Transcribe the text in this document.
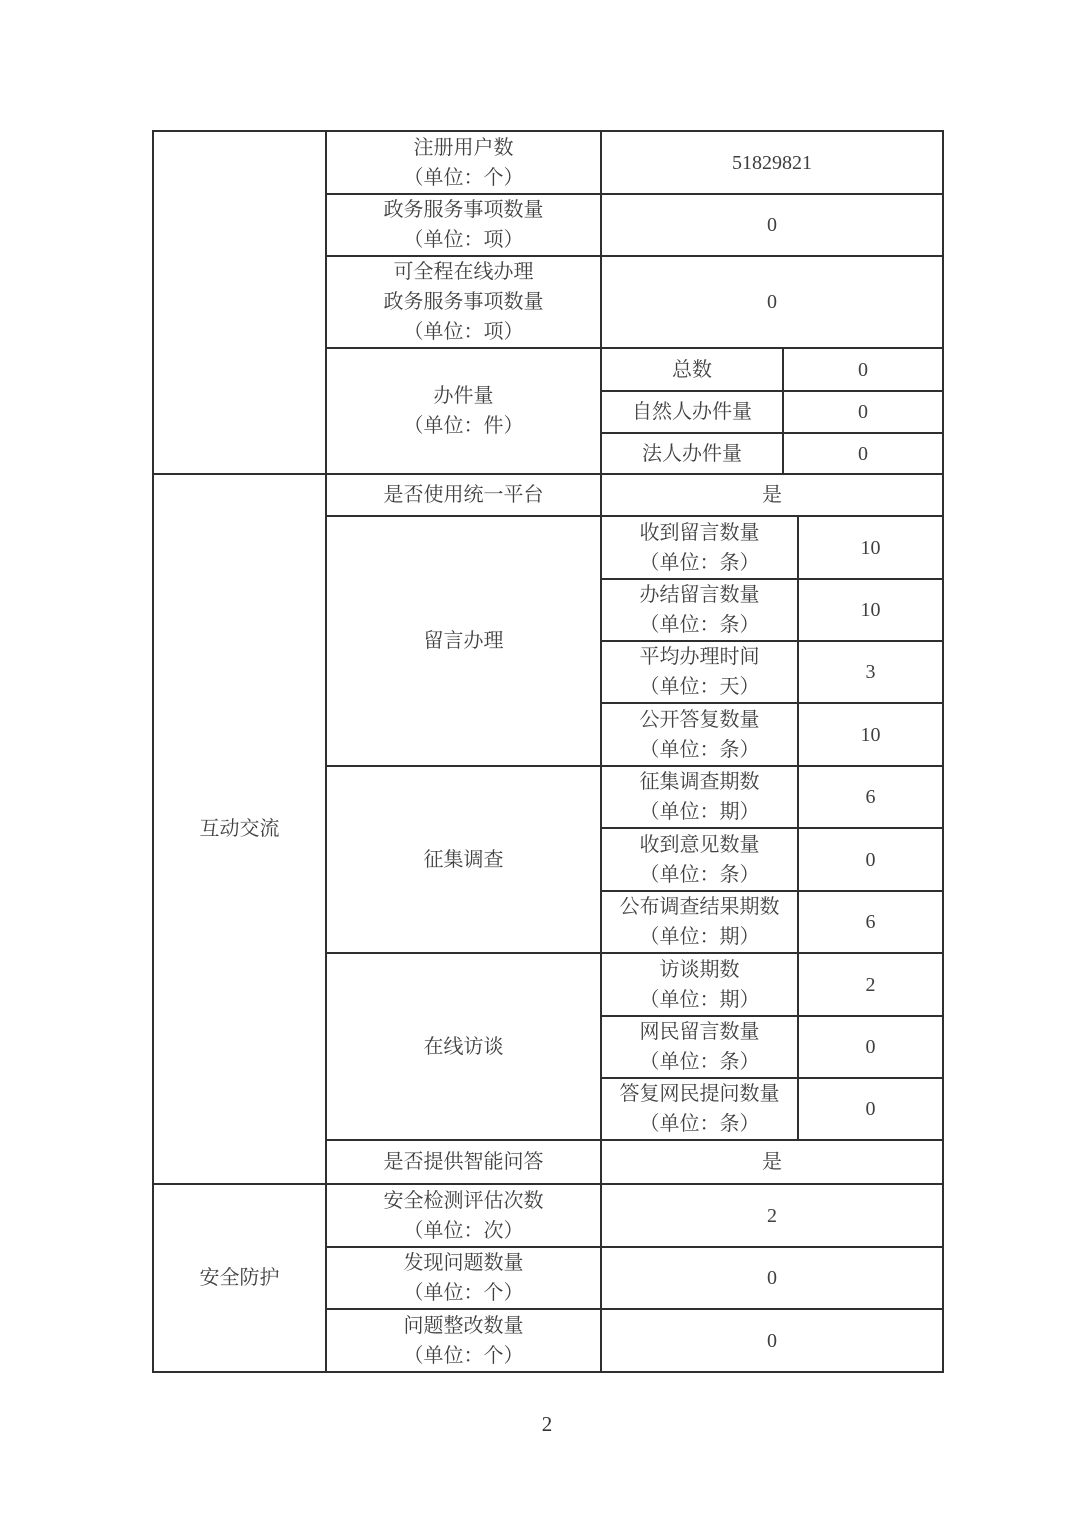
	注册用户数
（单位：个）	51829821	

	政务服务事项数量
（单位：项）	0	

	可全程在线办理
政务服务事项数量
（单位：项）	0	

	办件量
（单位：件）	总数	0
		自然人办件量	0
		法人办件量	0
互动交流	是否使用统一平台	是	
	留言办理	收到留言数量
（单位：条）	10

		办结留言数量
（单位：条）	10

		平均办理时间
（单位：天）	3

		公开答复数量
（单位：条）	10
	征集调查	征集调查期数
（单位：期）	6

		收到意见数量
（单位：条）	0

		公布调查结果期数
（单位：期）	6
	在线访谈	访谈期数
（单位：期）	2

		网民留言数量
（单位：条）	0

		答复网民提问数量
（单位：条）	0
	是否提供智能问答	是	
安全防护	安全检测评估次数
（单位：次）	2

	发现问题数量
（单位：个）	0

	问题整改数量
（单位：个）	0
2
